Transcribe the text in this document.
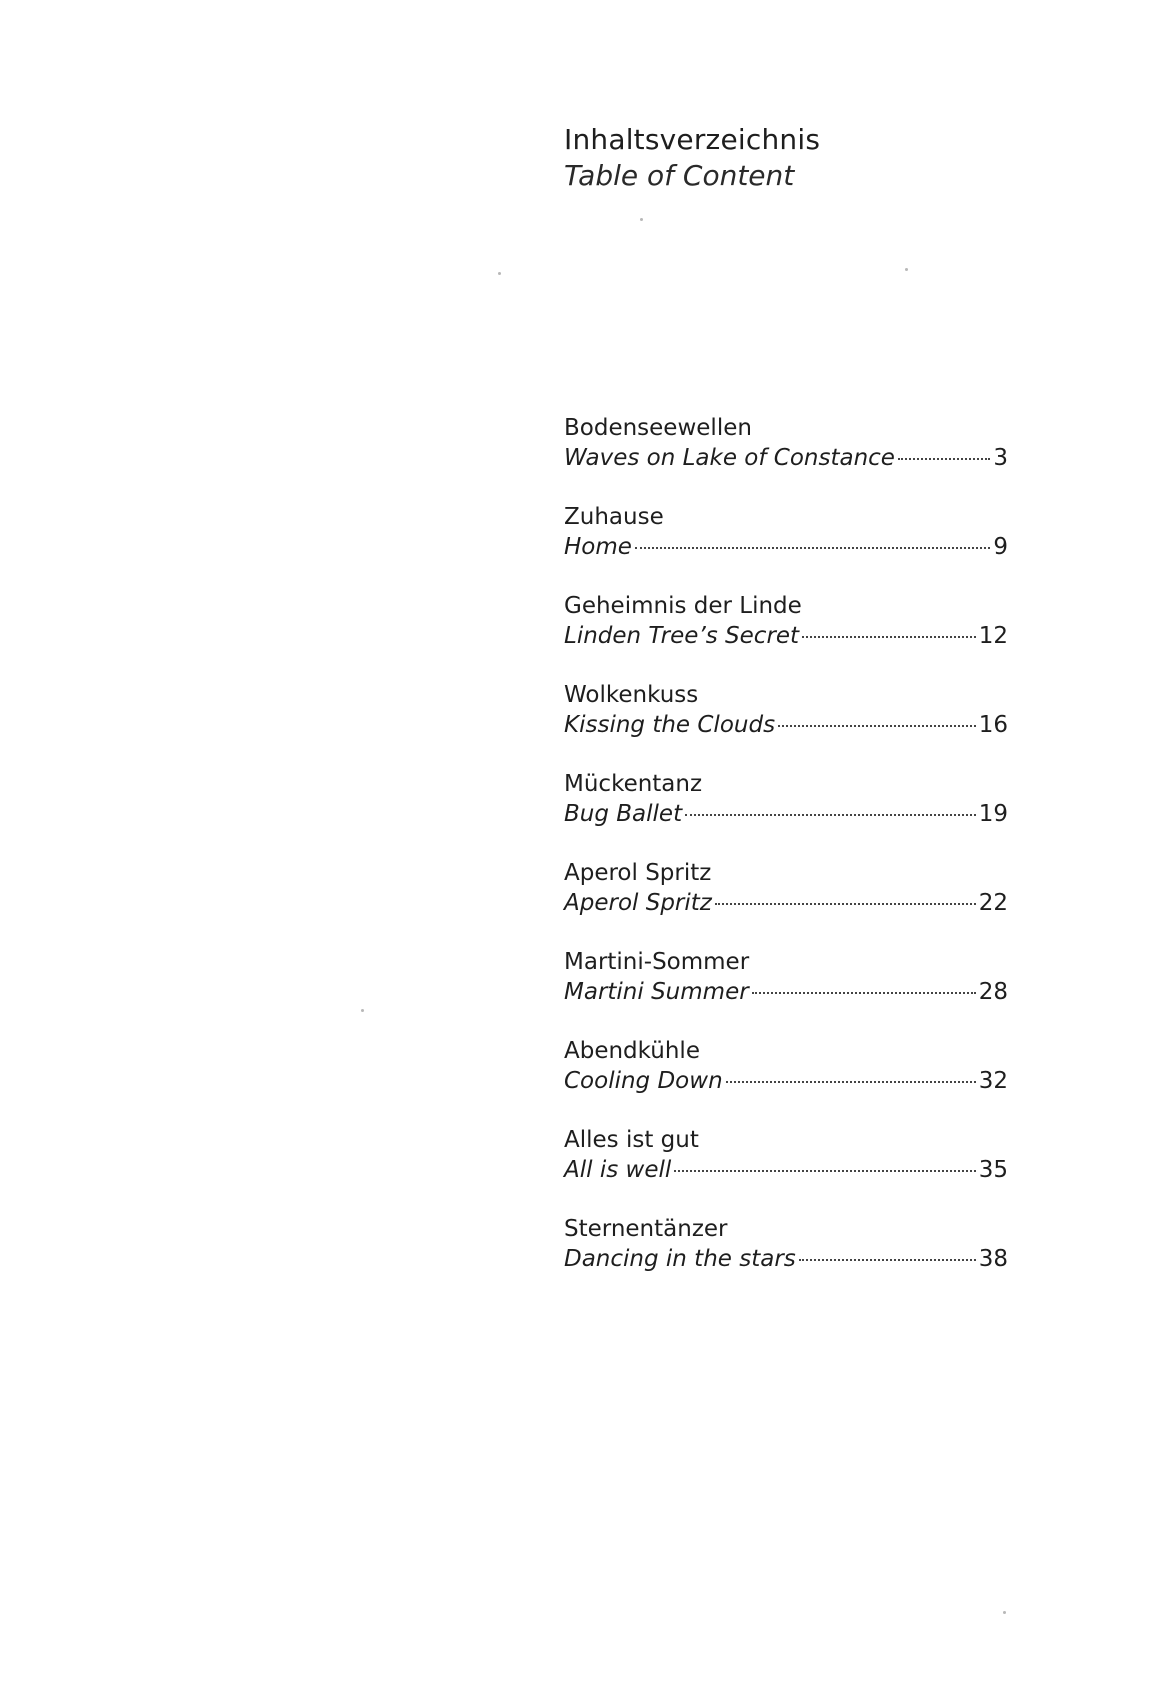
Inhaltsverzeichnis
Table of Content
Bodenseewellen
Waves on Lake of Constance	3
Zuhause
Home	9
Geheimnis der Linde
Linden Tree’s Secret	12
Wolkenkuss
Kissing the Clouds	16
Mückentanz
Bug Ballet	19
Aperol Spritz
Aperol Spritz	22
Martini-Sommer
Martini Summer	28
Abendkühle
Cooling Down	32
Alles ist gut
All is well	35
Sternentänzer
Dancing in the stars	38
